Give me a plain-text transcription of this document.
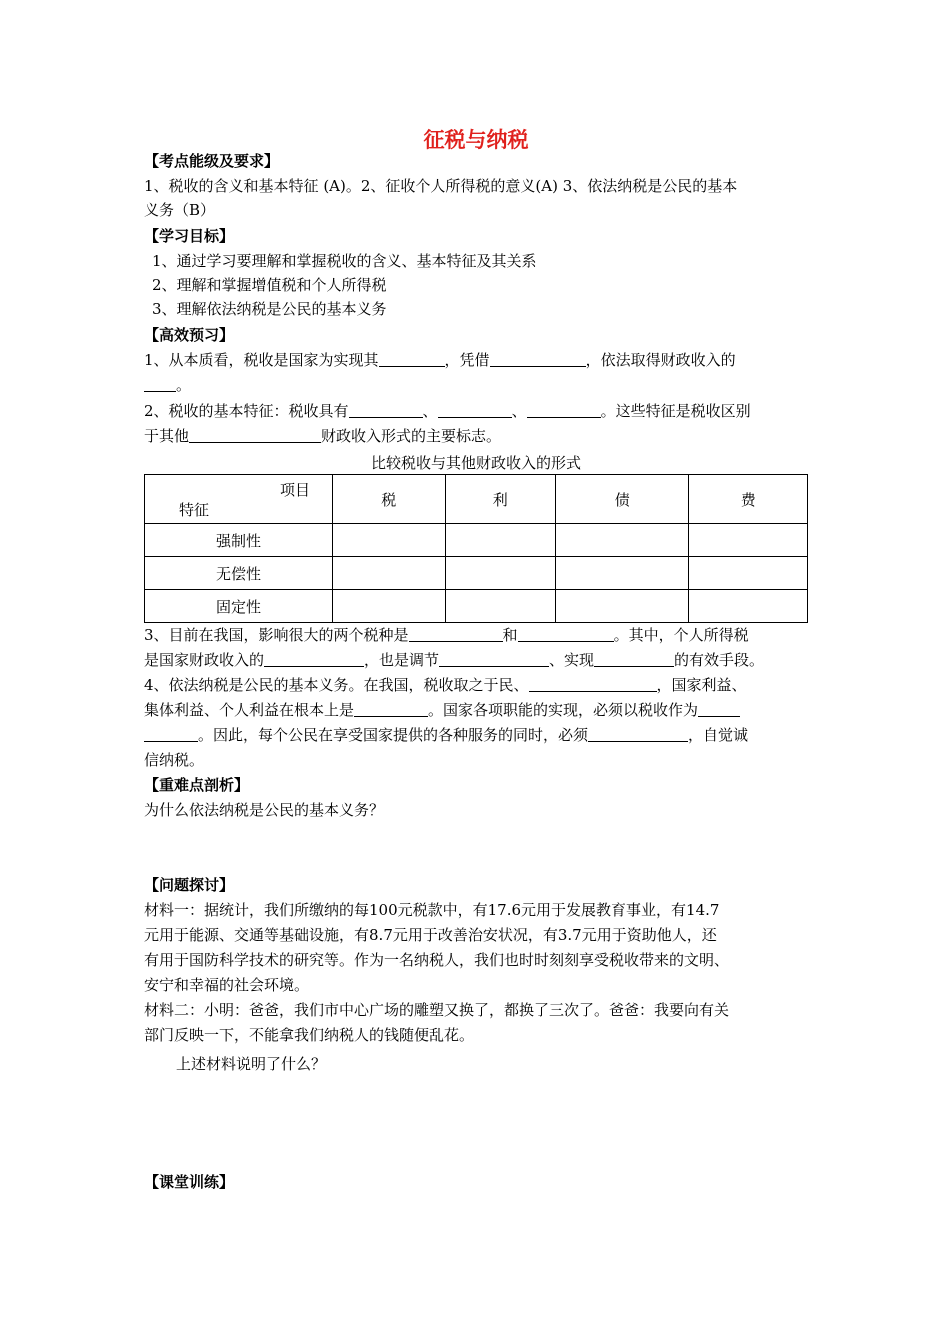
征税与纳税
【考点能级及要求】
1、税收的含义和基本特征 (A)。2、征收个人所得税的意义(A) 3、依法纳税是公民的基本
义务（B）
【学习目标】
1、通过学习要理解和掌握税收的含义、基本特征及其关系
2、理解和掌握增值税和个人所得税
3、理解依法纳税是公民的基本义务
【高效预习】
1、从本质看，税收是国家为实现其	，凭借	，依法取得财政收入的
。
2、税收的基本特征：税收具有	、	、	。这些特征是税收区别
于其他	财政收入形式的主要标志。
比较税收与其他财政收入的形式
项目
特征	税	利	债	费
强制性				
无偿性				
固定性				
3、目前在我国，影响很大的两个税种是	和	。其中，个人所得税
是国家财政收入的	，也是调节	、实现	的有效手段。
4、依法纳税是公民的基本义务。在我国，税收取之于民、	，国家利益、
集体利益、个人利益在根本上是	。国家各项职能的实现，必须以税收作为
。因此，每个公民在享受国家提供的各种服务的同时，必须	，自觉诚
信纳税。
【重难点剖析】
为什么依法纳税是公民的基本义务？
【问题探讨】
材料一：据统计，我们所缴纳的每100元税款中，有17.6元用于发展教育事业，有14.7
元用于能源、交通等基础设施，有8.7元用于改善治安状况，有3.7元用于资助他人，还
有用于国防科学技术的研究等。作为一名纳税人，我们也时时刻刻享受税收带来的文明、
安宁和幸福的社会环境。
材料二：小明：爸爸，我们市中心广场的雕塑又换了，都换了三次了。爸爸：我要向有关
部门反映一下，不能拿我们纳税人的钱随便乱花。
上述材料说明了什么？
【课堂训练】
